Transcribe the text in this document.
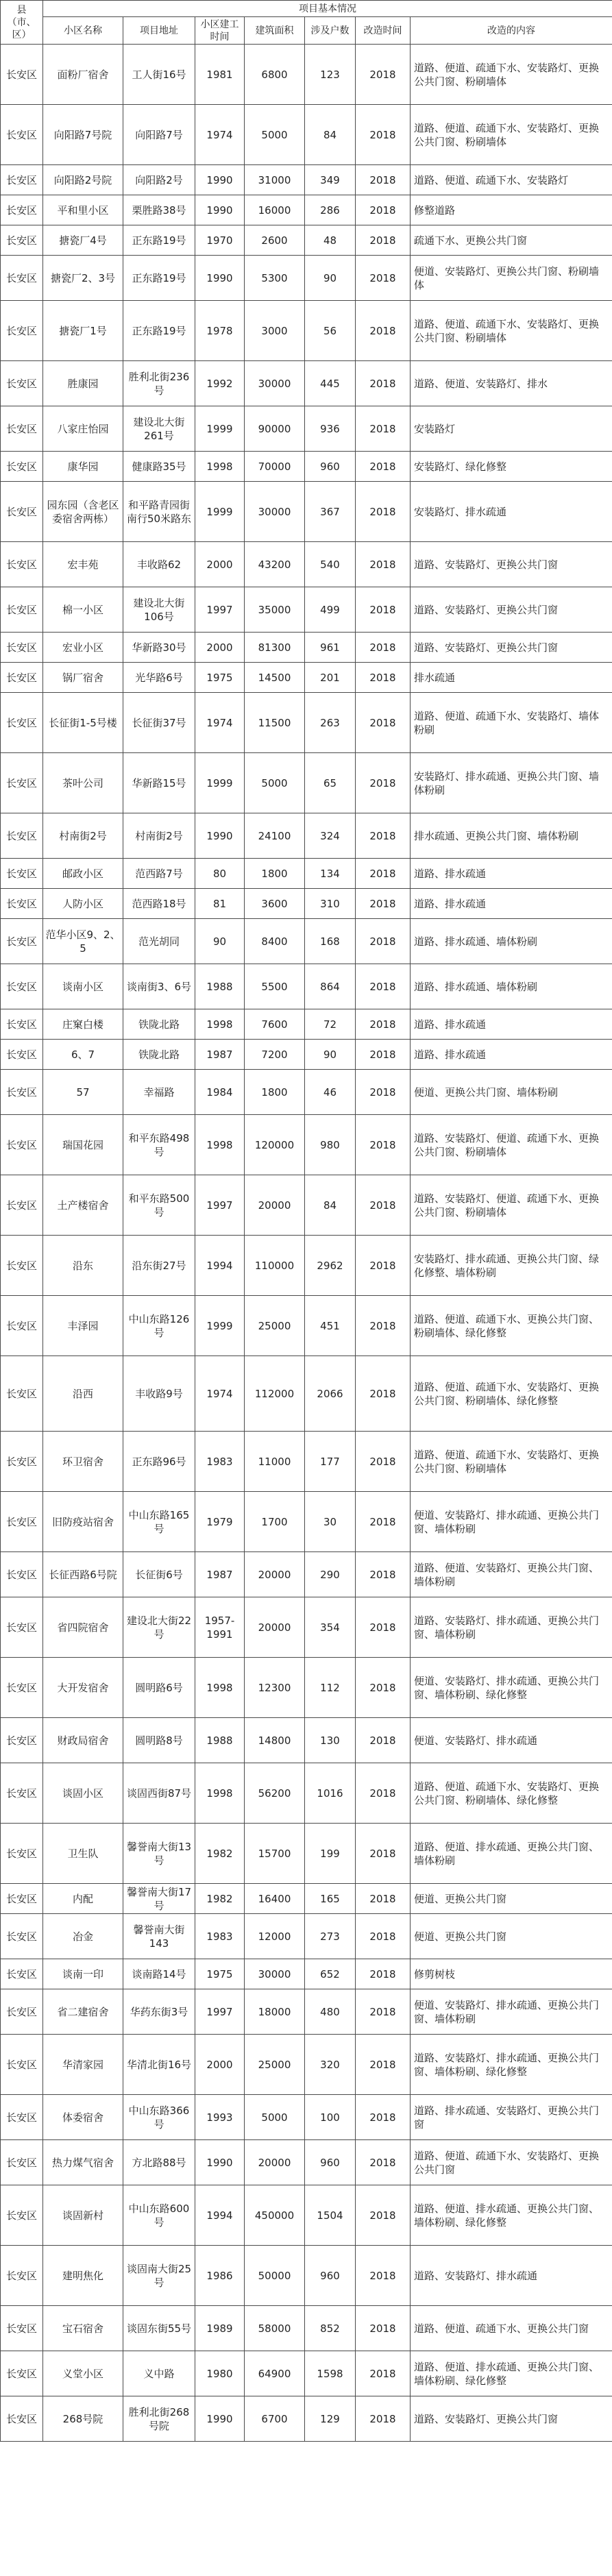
县（市、区）	项目基本情况						
	小区名称	项目地址	小区建工时间	建筑面积	涉及户数	改造时间	改造的内容
长安区	面粉厂宿舍	工人街16号	1981	6800	123	2018	道路、便道、疏通下水、安装路灯、更换公共门窗、粉刷墙体
长安区	向阳路7号院	向阳路7号	1974	5000	84	2018	道路、便道、疏通下水、安装路灯、更换公共门窗、粉刷墙体
长安区	向阳路2号院	向阳路2号	1990	31000	349	2018	道路、便道、疏通下水、安装路灯
长安区	平和里小区	栗胜路38号	1990	16000	286	2018	修整道路
长安区	搪瓷厂4号	正东路19号	1970	2600	48	2018	疏通下水、更换公共门窗
长安区	搪瓷厂2、3号	正东路19号	1990	5300	90	2018	便道、安装路灯、更换公共门窗、粉刷墙体
长安区	搪瓷厂1号	正东路19号	1978	3000	56	2018	道路、便道、疏通下水、安装路灯、更换公共门窗、粉刷墙体
长安区	胜康园	胜利北街236号	1992	30000	445	2018	道路、便道、安装路灯、排水
长安区	八家庄怡园	建设北大街261号	1999	90000	936	2018	安装路灯
长安区	康华园	健康路35号	1998	70000	960	2018	安装路灯、绿化修整
长安区	园东园（含老区委宿舍两栋）	和平路青园街南行50米路东	1999	30000	367	2018	安装路灯、排水疏通
长安区	宏丰苑	丰收路62	2000	43200	540	2018	道路、安装路灯、更换公共门窗
长安区	棉一小区	建设北大街106号	1997	35000	499	2018	道路、安装路灯、更换公共门窗
长安区	宏业小区	华新路30号	2000	81300	961	2018	道路、安装路灯、更换公共门窗
长安区	锅厂宿舍	光华路6号	1975	14500	201	2018	排水疏通
长安区	长征街1-5号楼	长征街37号	1974	11500	263	2018	道路、便道、疏通下水、安装路灯、墙体粉刷
长安区	茶叶公司	华新路15号	1999	5000	65	2018	安装路灯、排水疏通、更换公共门窗、墙体粉刷
长安区	村南街2号	村南街2号	1990	24100	324	2018	排水疏通、更换公共门窗、墙体粉刷
长安区	邮政小区	范西路7号	80	1800	134	2018	道路、排水疏通
长安区	人防小区	范西路18号	81	3600	310	2018	道路、排水疏通
长安区	范华小区9、2、5	范光胡同	90	8400	168	2018	道路、排水疏通、墙体粉刷
长安区	谈南小区	谈南街3、6号	1988	5500	864	2018	道路、排水疏通、墙体粉刷
长安区	庄窠白楼	铁陇北路	1998	7600	72	2018	道路、排水疏通
长安区	6、7	铁陇北路	1987	7200	90	2018	道路、排水疏通
长安区	57	幸福路	1984	1800	46	2018	便道、更换公共门窗、墙体粉刷
长安区	瑞国花园	和平东路498号	1998	120000	980	2018	道路、安装路灯、便道、疏通下水、更换公共门窗、粉刷墙体
长安区	土产楼宿舍	和平东路500号	1997	20000	84	2018	道路、安装路灯、便道、疏通下水、更换公共门窗、粉刷墙体
长安区	沿东	沿东街27号	1994	110000	2962	2018	安装路灯、排水疏通、更换公共门窗、绿化修整、墙体粉刷
长安区	丰泽园	中山东路126号	1999	25000	451	2018	道路、便道、疏通下水、更换公共门窗、粉刷墙体、绿化修整
长安区	沿西	丰收路9号	1974	112000	2066	2018	道路、便道、疏通下水、安装路灯、更换公共门窗、粉刷墙体、绿化修整
长安区	环卫宿舍	正东路96号	1983	11000	177	2018	道路、便道、疏通下水、安装路灯、更换公共门窗、粉刷墙体
长安区	旧防疫站宿舍	中山东路165号	1979	1700	30	2018	便道、安装路灯、排水疏通、更换公共门窗、墙体粉刷
长安区	长征西路6号院	长征街6号	1987	20000	290	2018	道路、便道、安装路灯、更换公共门窗、墙体粉刷
长安区	省四院宿舍	建设北大街22号	1957-1991	20000	354	2018	道路、安装路灯、排水疏通、更换公共门窗、墙体粉刷
长安区	大开发宿舍	圆明路6号	1998	12300	112	2018	便道、安装路灯、排水疏通、更换公共门窗、墙体粉刷、绿化修整
长安区	财政局宿舍	圆明路8号	1988	14800	130	2018	便道、安装路灯、排水疏通
长安区	谈固小区	谈固西街87号	1998	56200	1016	2018	道路、便道、疏通下水、安装路灯、更换公共门窗、粉刷墙体、绿化修整
长安区	卫生队	馨誉南大街13号	1982	15700	199	2018	道路、便道、排水疏通、更换公共门窗、墙体粉刷
长安区	内配	馨誉南大街17号	1982	16400	165	2018	便道、更换公共门窗
长安区	冶金	馨誉南大街143	1983	12000	273	2018	便道、更换公共门窗
长安区	谈南一印	谈南路14号	1975	30000	652	2018	修剪树枝
长安区	省二建宿舍	华药东街3号	1997	18000	480	2018	便道、安装路灯、排水疏通、更换公共门窗、墙体粉刷
长安区	华清家园	华清北街16号	2000	25000	320	2018	道路、安装路灯、排水疏通、更换公共门窗、墙体粉刷、绿化修整
长安区	体委宿舍	中山东路366号	1993	5000	100	2018	道路、排水疏通、安装路灯、更换公共门窗
长安区	热力煤气宿舍	方北路88号	1990	20000	960	2018	道路、便道、疏通下水、安装路灯、更换公共门窗
长安区	谈固新村	中山东路600号	1994	450000	1504	2018	道路、便道、排水疏通、更换公共门窗、墙体粉刷、绿化修整
长安区	建明焦化	谈固南大街25号	1986	50000	960	2018	道路、安装路灯、排水疏通
长安区	宝石宿舍	谈固东街55号	1989	58000	852	2018	道路、便道、疏通下水、更换公共门窗
长安区	义堂小区	义中路	1980	64900	1598	2018	道路、便道、排水疏通、更换公共门窗、墙体粉刷、绿化修整
长安区	268号院	胜利北街268号院	1990	6700	129	2018	道路、安装路灯、更换公共门窗
